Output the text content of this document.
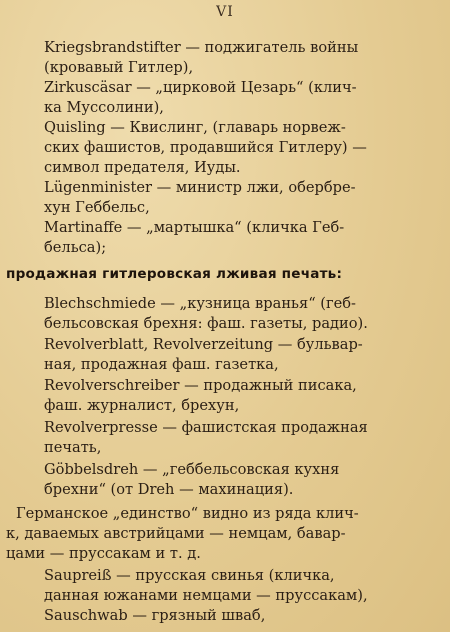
VI
Kriegsbrandstifter — поджигатель войны
(кровавый Гитлер),
Zirkuscäsar — „цирковой Цезарь“ (клич-
ка Муссолини),
Quisling — Квислинг, (главарь норвеж-
ских фашистов, продавшийся Гитлеру) —
символ предателя, Иуды.
Lügenminister — министр лжи, обербре-
хун Геббельс,
Martinaffe — „мартышка“ (кличка Геб-
бельса);
продажная гитлеровская лживая печать:
Blechschmiede — „кузница вранья“ (геб-
бельсовская брехня: фаш. газеты, радио).
Revolverblatt, Revolverzeitung — бульвар-
ная, продажная фаш. газетка,
Revolverschreiber — продажный писака,
фаш. журналист, брехун,
Revolverpresse — фашистская продажная
печать,
Göbbelsdreh — „геббельсовская кухня
брехни“ (от Dreh — махинация).
Германское „единство“ видно из ряда клич-
к, даваемых австрийцами — немцам, бавар-
цами — пруссакам и т. д.
Saupreiß — прусская свинья (кличка,
данная южанами немцами — пруссакам),
Sauschwab — грязный шваб,
